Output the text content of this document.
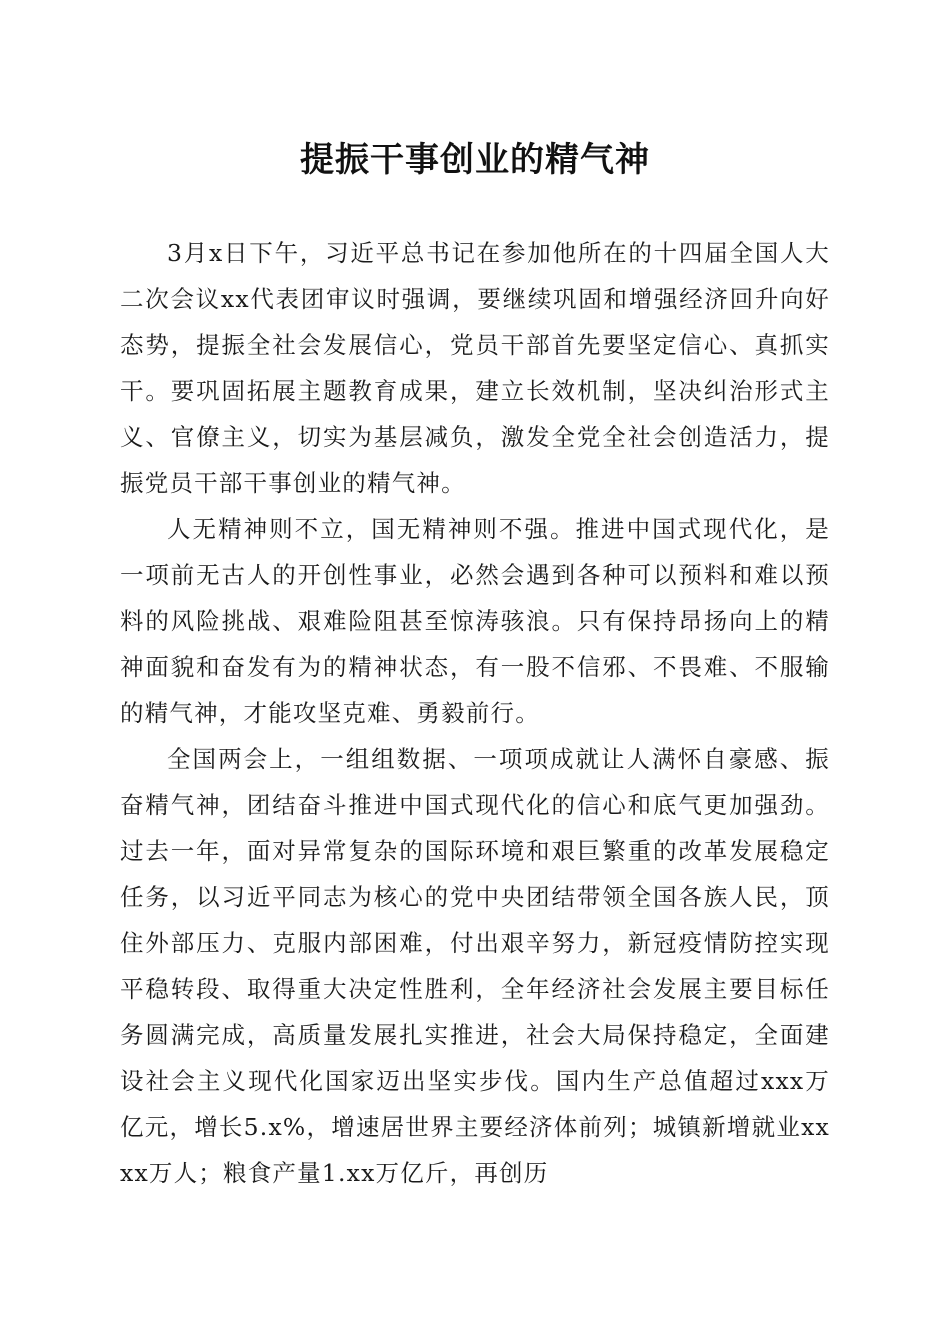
提振干事创业的精气神

3月x日下午，习近平总书记在参加他所在的十四届全国人大二次会议xx代表团审议时强调，要继续巩固和增强经济回升向好态势，提振全社会发展信心，党员干部首先要坚定信心、真抓实干。要巩固拓展主题教育成果，建立长效机制，坚决纠治形式主义、官僚主义，切实为基层减负，激发全党全社会创造活力，提振党员干部干事创业的精气神。

人无精神则不立，国无精神则不强。推进中国式现代化，是一项前无古人的开创性事业，必然会遇到各种可以预料和难以预料的风险挑战、艰难险阻甚至惊涛骇浪。只有保持昂扬向上的精神面貌和奋发有为的精神状态，有一股不信邪、不畏难、不服输的精气神，才能攻坚克难、勇毅前行。

全国两会上，一组组数据、一项项成就让人满怀自豪感、振奋精气神，团结奋斗推进中国式现代化的信心和底气更加强劲。过去一年，面对异常复杂的国际环境和艰巨繁重的改革发展稳定任务，以习近平同志为核心的党中央团结带领全国各族人民，顶住外部压力、克服内部困难，付出艰辛努力，新冠疫情防控实现平稳转段、取得重大决定性胜利，全年经济社会发展主要目标任务圆满完成，高质量发展扎实推进，社会大局保持稳定，全面建设社会主义现代化国家迈出坚实步伐。国内生产总值超过xxx万亿元，增长5.x%，增速居世界主要经济体前列；城镇新增就业xxxx万人；粮食产量1.xx万亿斤，再创历
